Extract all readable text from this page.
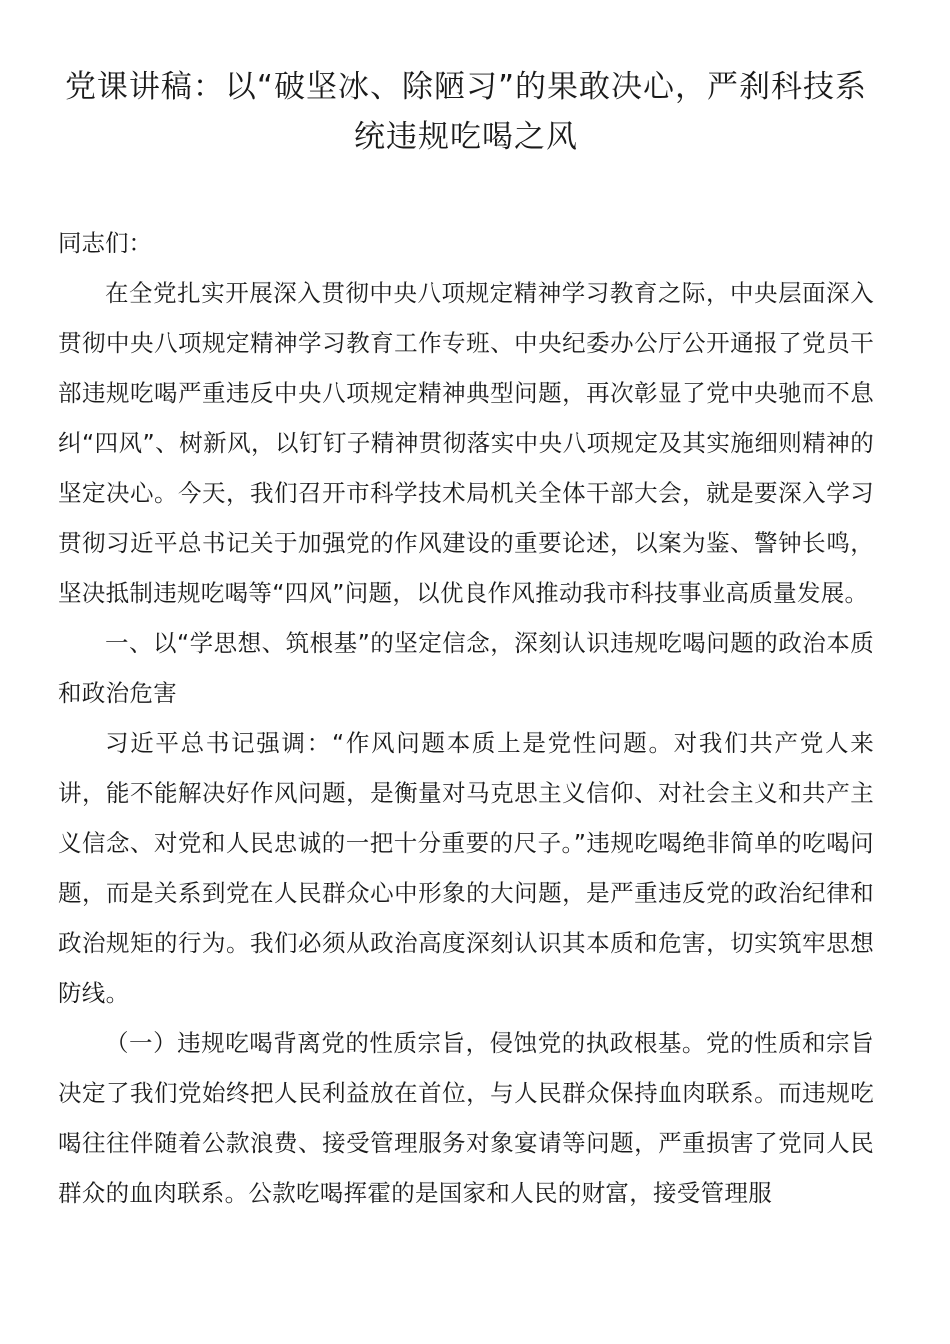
党课讲稿：以“破坚冰、除陋习”的果敢决心，严刹科技系统违规吃喝之风

同志们：

在全党扎实开展深入贯彻中央八项规定精神学习教育之际，中央层面深入贯彻中央八项规定精神学习教育工作专班、中央纪委办公厅公开通报了党员干部违规吃喝严重违反中央八项规定精神典型问题，再次彰显了党中央驰而不息纠“四风”、树新风，以钉钉子精神贯彻落实中央八项规定及其实施细则精神的坚定决心。今天，我们召开市科学技术局机关全体干部大会，就是要深入学习贯彻习近平总书记关于加强党的作风建设的重要论述，以案为鉴、警钟长鸣，坚决抵制违规吃喝等“四风”问题，以优良作风推动我市科技事业高质量发展。

一、以“学思想、筑根基”的坚定信念，深刻认识违规吃喝问题的政治本质和政治危害

习近平总书记强调：“作风问题本质上是党性问题。对我们共产党人来讲，能不能解决好作风问题，是衡量对马克思主义信仰、对社会主义和共产主义信念、对党和人民忠诚的一把十分重要的尺子。”违规吃喝绝非简单的吃喝问题，而是关系到党在人民群众心中形象的大问题，是严重违反党的政治纪律和政治规矩的行为。我们必须从政治高度深刻认识其本质和危害，切实筑牢思想防线。

（一）违规吃喝背离党的性质宗旨，侵蚀党的执政根基。党的性质和宗旨决定了我们党始终把人民利益放在首位，与人民群众保持血肉联系。而违规吃喝往往伴随着公款浪费、接受管理服务对象宴请等问题，严重损害了党同人民群众的血肉联系。公款吃喝挥霍的是国家和人民的财富，接受管理服
